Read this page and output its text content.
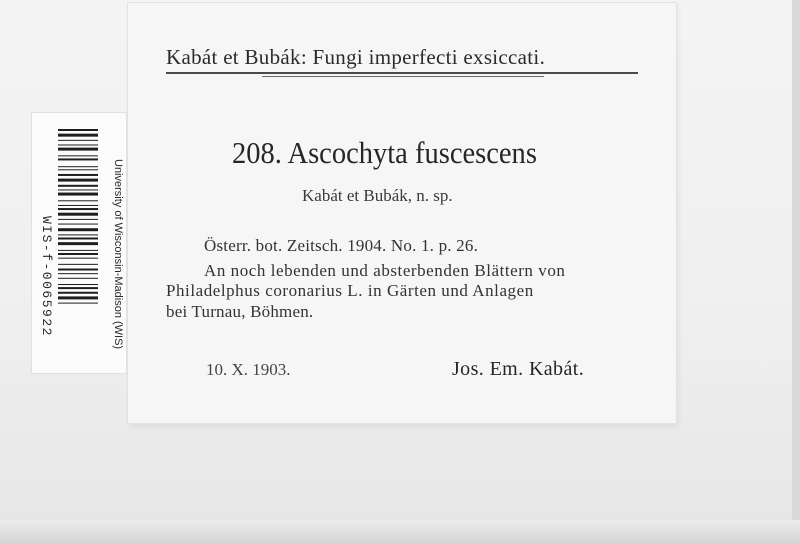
Kabát et Bubák: Fungi imperfecti exsiccati.
208. Ascochyta fuscescens
Kabát et Bubák, n. sp.
Österr. bot. Zeitsch. 1904. No. 1. p. 26.
An noch lebenden und absterbenden Blättern von
Philadelphus coronarius L. in Gärten und Anlagen
bei Turnau, Böhmen.
10. X. 1903.	Jos. Em. Kabát.
WIS-f-0065922	University of Wisconsin-Madison (WIS)
